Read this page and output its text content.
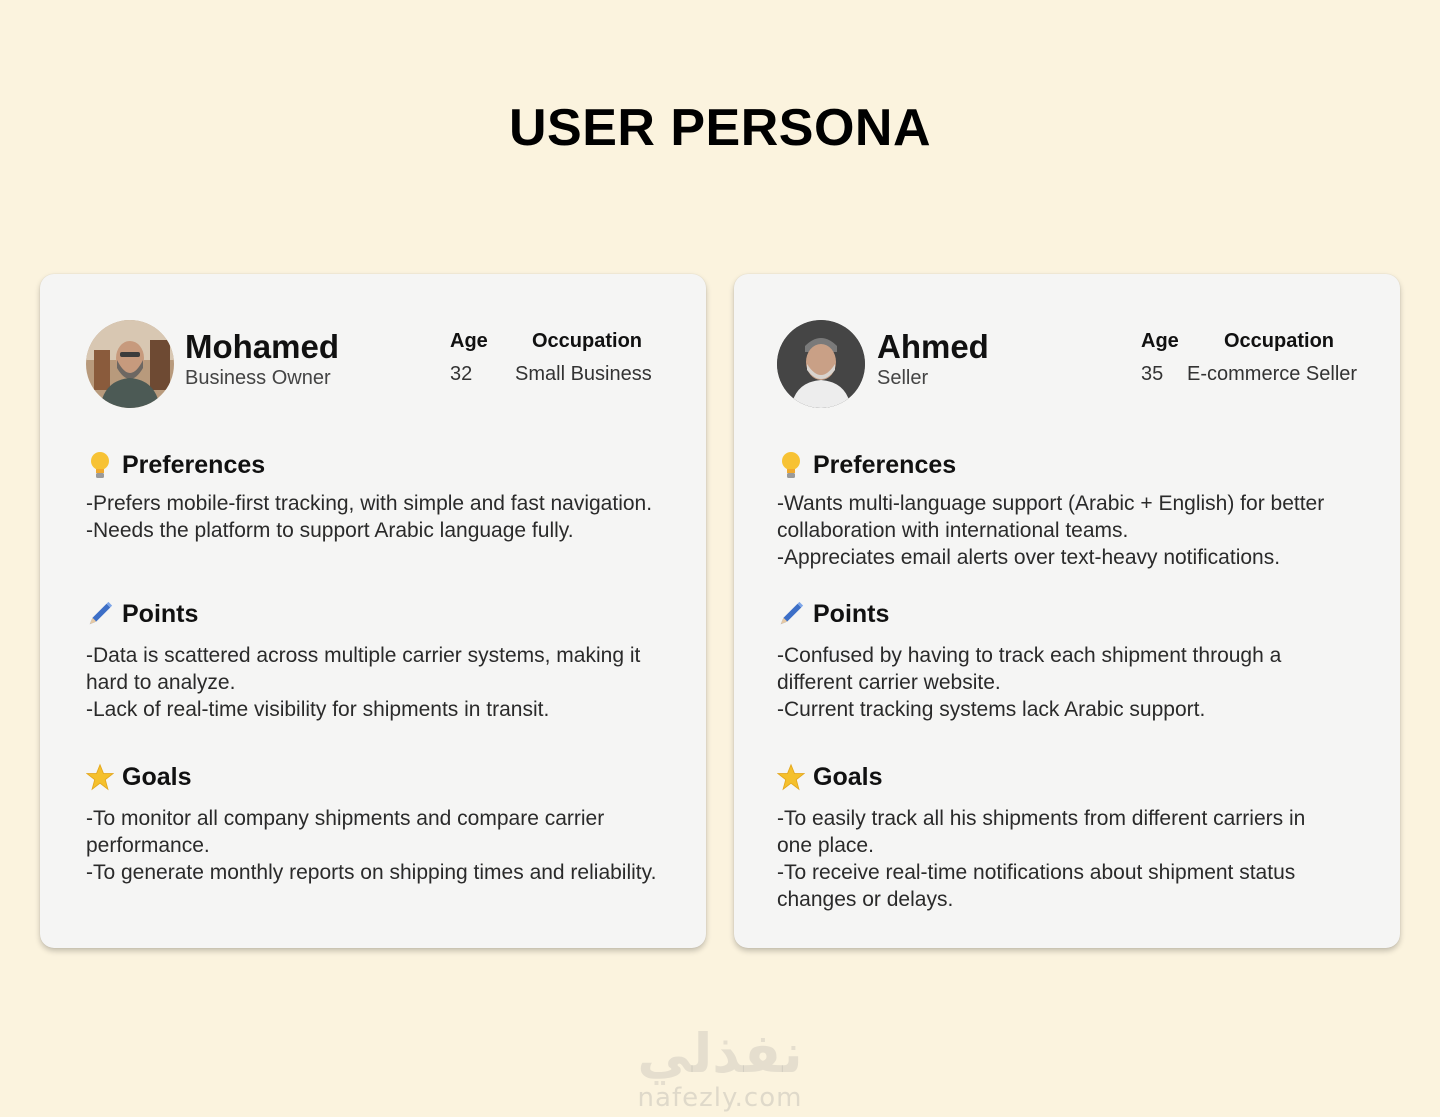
USER PERSONA
Mohamed
Business Owner
Age
32
Occupation
Small Business
Preferences
-Prefers mobile-first tracking, with simple and fast navigation.
-Needs the platform to support Arabic language fully.
Points
-Data is scattered across multiple carrier systems, making it hard to analyze.
-Lack of real-time visibility for shipments in transit.
Goals
-To monitor all company shipments and compare carrier performance.
-To generate monthly reports on shipping times and reliability.
Ahmed
Seller
Age
35
Occupation
E-commerce Seller
Preferences
-Wants multi-language support (Arabic + English) for better collaboration with international teams.
-Appreciates email alerts over text-heavy notifications.
Points
-Confused by having to track each shipment through a different carrier website.
-Current tracking systems lack Arabic support.
Goals
-To easily track all his shipments from different carriers in one place.
-To receive real-time notifications about shipment status changes or delays.
نفذلي
nafezly.com
